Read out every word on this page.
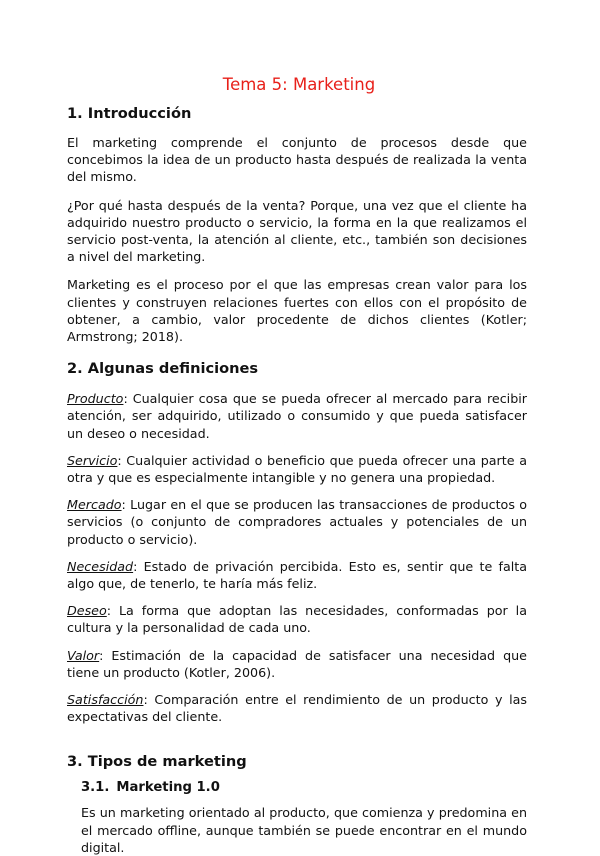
Tema 5: Marketing
1. Introducción

El marketing comprende el conjunto de procesos desde que concebimos la idea de un producto hasta después de realizada la venta del mismo.

¿Por qué hasta después de la venta? Porque, una vez que el cliente ha adquirido nuestro producto o servicio, la forma en la que realizamos el servicio post-venta, la atención al cliente, etc., también son decisiones a nivel del marketing.

Marketing es el proceso por el que las empresas crean valor para los clientes y construyen relaciones fuertes con ellos con el propósito de obtener, a cambio, valor procedente de dichos clientes (Kotler; Armstrong; 2018).

2. Algunas definiciones

Producto: Cualquier cosa que se pueda ofrecer al mercado para recibir atención, ser adquirido, utilizado o consumido y que pueda satisfacer un deseo o necesidad.

Servicio: Cualquier actividad o beneficio que pueda ofrecer una parte a otra y que es especialmente intangible y no genera una propiedad.

Mercado: Lugar en el que se producen las transacciones de productos o servicios (o conjunto de compradores actuales y potenciales de un producto o servicio).

Necesidad: Estado de privación percibida. Esto es, sentir que te falta algo que, de tenerlo, te haría más feliz.

Deseo: La forma que adoptan las necesidades, conformadas por la cultura y la personalidad de cada uno.

Valor: Estimación de la capacidad de satisfacer una necesidad que tiene un producto (Kotler, 2006).

Satisfacción: Comparación entre el rendimiento de un producto y las expectativas del cliente.

3. Tipos de marketing
3.1. Marketing 1.0

Es un marketing orientado al producto, que comienza y predomina en el mercado offline, aunque también se puede encontrar en el mundo digital.
